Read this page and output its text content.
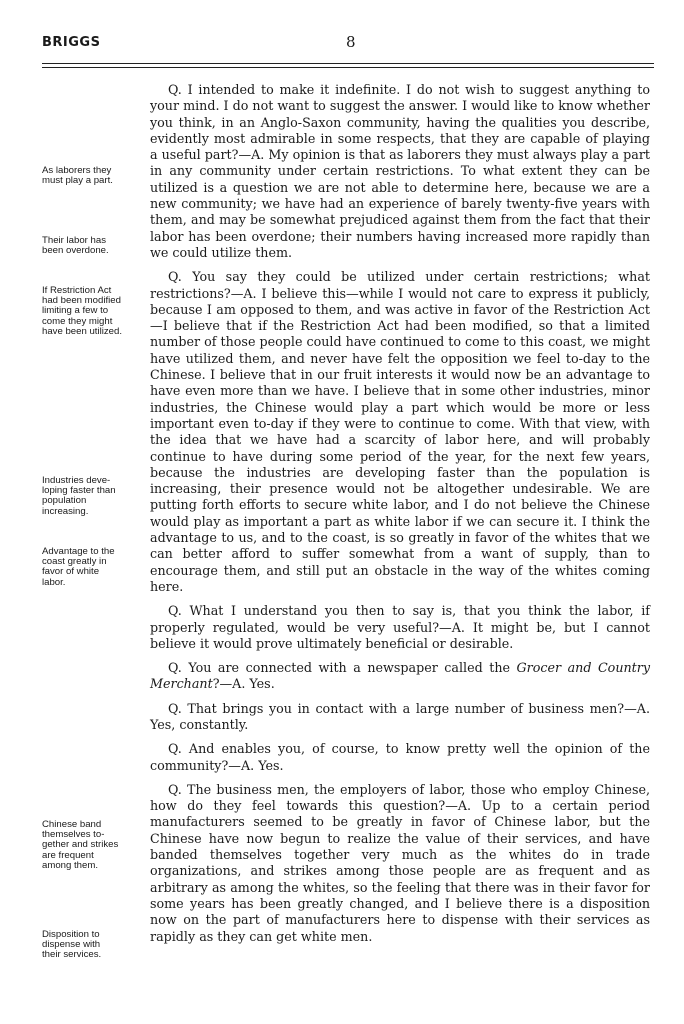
BRIGGS	8
As laborers they
must play a part.
Their labor has
been overdone.
If Restriction Act
had been modified
limiting a few to
come they might
have been utilized.
Industries deve-
loping faster than
population
increasing.
Advantage to the
coast greatly in
favor of white
labor.
Chinese band
themselves to-
gether and strikes
are frequent
among them.
Disposition to
dispense with
their services.

Q. I intended to make it indefinite. I do not wish to suggest anything to your mind. I do not want to suggest the answer. I would like to know whether you think, in an Anglo-Saxon community, having the qualities you describe, evidently most admirable in some respects, that they are capable of playing a useful part?—A. My opinion is that as laborers they must always play a part in any community under certain restrictions. To what extent they can be utilized is a question we are not able to determine here, because we are a new community; we have had an experience of barely twenty-five years with them, and may be somewhat prejudiced against them from the fact that their labor has been overdone; their numbers having increased more rapidly than we could utilize them.

Q. You say they could be utilized under certain restrictions; what restrictions?—A. I believe this—while I would not care to express it publicly, because I am opposed to them, and was active in favor of the Restriction Act—I believe that if the Restriction Act had been modified, so that a limited number of those people could have continued to come to this coast, we might have utilized them, and never have felt the opposition we feel to-day to the Chinese. I believe that in our fruit interests it would now be an advantage to have even more than we have. I believe that in some other industries, minor industries, the Chinese would play a part which would be more or less important even to-day if they were to continue to come. With that view, with the idea that we have had a scarcity of labor here, and will probably continue to have during some period of the year, for the next few years, because the industries are developing faster than the population is increasing, their presence would not be altogether undesirable. We are putting forth efforts to secure white labor, and I do not believe the Chinese would play as important a part as white labor if we can secure it. I think the advantage to us, and to the coast, is so greatly in favor of the whites that we can better afford to suffer somewhat from a want of supply, than to encourage them, and still put an obstacle in the way of the whites coming here.

Q. What I understand you then to say is, that you think the labor, if properly regulated, would be very useful?—A. It might be, but I cannot believe it would prove ultimately beneficial or desirable.

Q. You are connected with a newspaper called the Grocer and Country Merchant?—A. Yes.

Q. That brings you in contact with a large number of business men?—A. Yes, constantly.

Q. And enables you, of course, to know pretty well the opinion of the community?—A. Yes.

Q. The business men, the employers of labor, those who employ Chinese, how do they feel towards this question?—A. Up to a certain period manufacturers seemed to be greatly in favor of Chinese labor, but the Chinese have now begun to realize the value of their services, and have banded themselves together very much as the whites do in trade organizations, and strikes among those people are as frequent and as arbitrary as among the whites, so the feeling that there was in their favor for some years has been greatly changed, and I believe there is a disposition now on the part of manufacturers here to dispense with their services as rapidly as they can get white men.
